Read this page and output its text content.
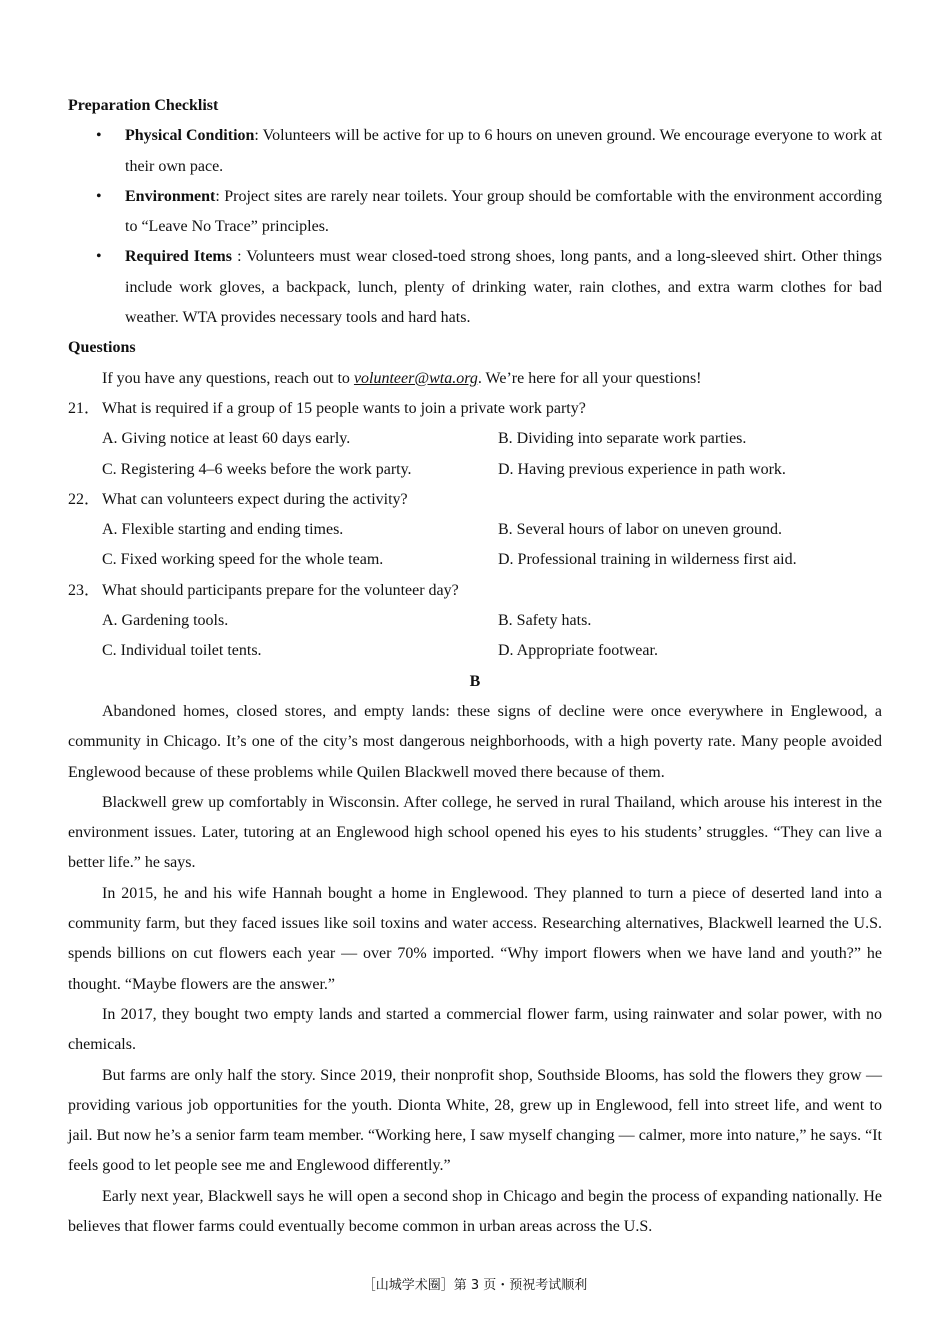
Preparation Checklist
• Physical Condition: Volunteers will be active for up to 6 hours on uneven ground. We encourage everyone to work at their own pace.
• Environment: Project sites are rarely near toilets. Your group should be comfortable with the environment according to “Leave No Trace” principles.
• Required Items : Volunteers must wear closed-toed strong shoes, long pants, and a long-sleeved shirt. Other things include work gloves, a backpack, lunch, plenty of drinking water, rain clothes, and extra warm clothes for bad weather. WTA provides necessary tools and hard hats.
Questions
If you have any questions, reach out to volunteer@wta.org. We’re here for all your questions!
21． What is required if a group of 15 people wants to join a private work party?
A. Giving notice at least 60 days early.	B. Dividing into separate work parties.
C. Registering 4–6 weeks before the work party.	D. Having previous experience in path work.
22． What can volunteers expect during the activity?
A. Flexible starting and ending times.	B. Several hours of labor on uneven ground.
C. Fixed working speed for the whole team.	D. Professional training in wilderness first aid.
23． What should participants prepare for the volunteer day?
A. Gardening tools.	B. Safety hats.
C. Individual toilet tents.	D. Appropriate footwear.
B
Abandoned homes, closed stores, and empty lands: these signs of decline were once everywhere in Englewood, a community in Chicago. It’s one of the city’s most dangerous neighborhoods, with a high poverty rate. Many people avoided Englewood because of these problems while Quilen Blackwell moved there because of them.
Blackwell grew up comfortably in Wisconsin. After college, he served in rural Thailand, which arouse his interest in the environment issues. Later, tutoring at an Englewood high school opened his eyes to his students’ struggles. “They can live a better life.” he says.
In 2015, he and his wife Hannah bought a home in Englewood. They planned to turn a piece of deserted land into a community farm, but they faced issues like soil toxins and water access. Researching alternatives, Blackwell learned the U.S. spends billions on cut flowers each year — over 70% imported. “Why import flowers when we have land and youth?” he thought. “Maybe flowers are the answer.”
In 2017, they bought two empty lands and started a commercial flower farm, using rainwater and solar power, with no chemicals.
But farms are only half the story. Since 2019, their nonprofit shop, Southside Blooms, has sold the flowers they grow — providing various job opportunities for the youth. Dionta White, 28, grew up in Englewood, fell into street life, and went to jail. But now he’s a senior farm team member. “Working here, I saw myself changing — calmer, more into nature,” he says. “It feels good to let people see me and Englewood differently.”
Early next year, Blackwell says he will open a second shop in Chicago and begin the process of expanding nationally. He believes that flower farms could eventually become common in urban areas across the U.S.
［山城学术圈］第 3 页・预祝考试顺利
